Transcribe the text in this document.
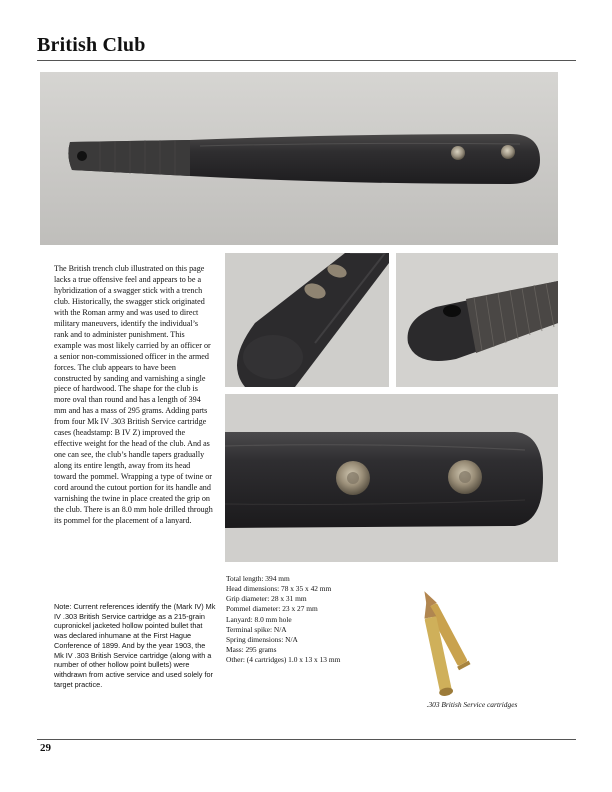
British Club
The British trench club illustrated on this page lacks a true offensive feel and appears to be a hybridization of a swagger stick with a trench club. Historically, the swagger stick originated with the Roman army and was used to direct military maneuvers, identify the individual’s rank and to administer punishment. This example was most likely carried by an officer or a senior non-commissioned officer in the armed forces. The club appears to have been constructed by sanding and varnishing a single piece of hardwood. The shape for the club is more oval than round and has a length of 394 mm and has a mass of 295 grams. Adding parts from four Mk IV .303 British Service cartridge cases (headstamp: B IV Z) improved the effective weight for the head of the club. And as one can see, the club’s handle tapers gradually along its entire length, away from its head toward the pommel. Wrapping a type of twine or cord around the cutout portion for its handle and varnishing the twine in place created the grip on the club. There is an 8.0 mm hole drilled through its pommel for the placement of a lanyard.
Note: Current references identify the (Mark IV) Mk IV .303 British Service cartridge as a 215-grain cupronickel jacketed hollow pointed bullet that was declared inhumane at the First Hague Conference of 1899. And by the year 1903, the Mk IV .303 British Service cartridge (along with a number of other hollow point bullets) were withdrawn from active service and used solely for target practice.
Total length: 394 mm
Head dimensions: 78 x 35 x 42 mm
Grip diameter: 28 x 31 mm
Pommel diameter: 23 x 27 mm
Lanyard: 8.0 mm hole
Terminal spike: N/A
Spring dimensions: N/A
Mass: 295 grams
Other: (4 cartridges) 1.0 x 13 x 13 mm
.303 British Service cartridges
29
